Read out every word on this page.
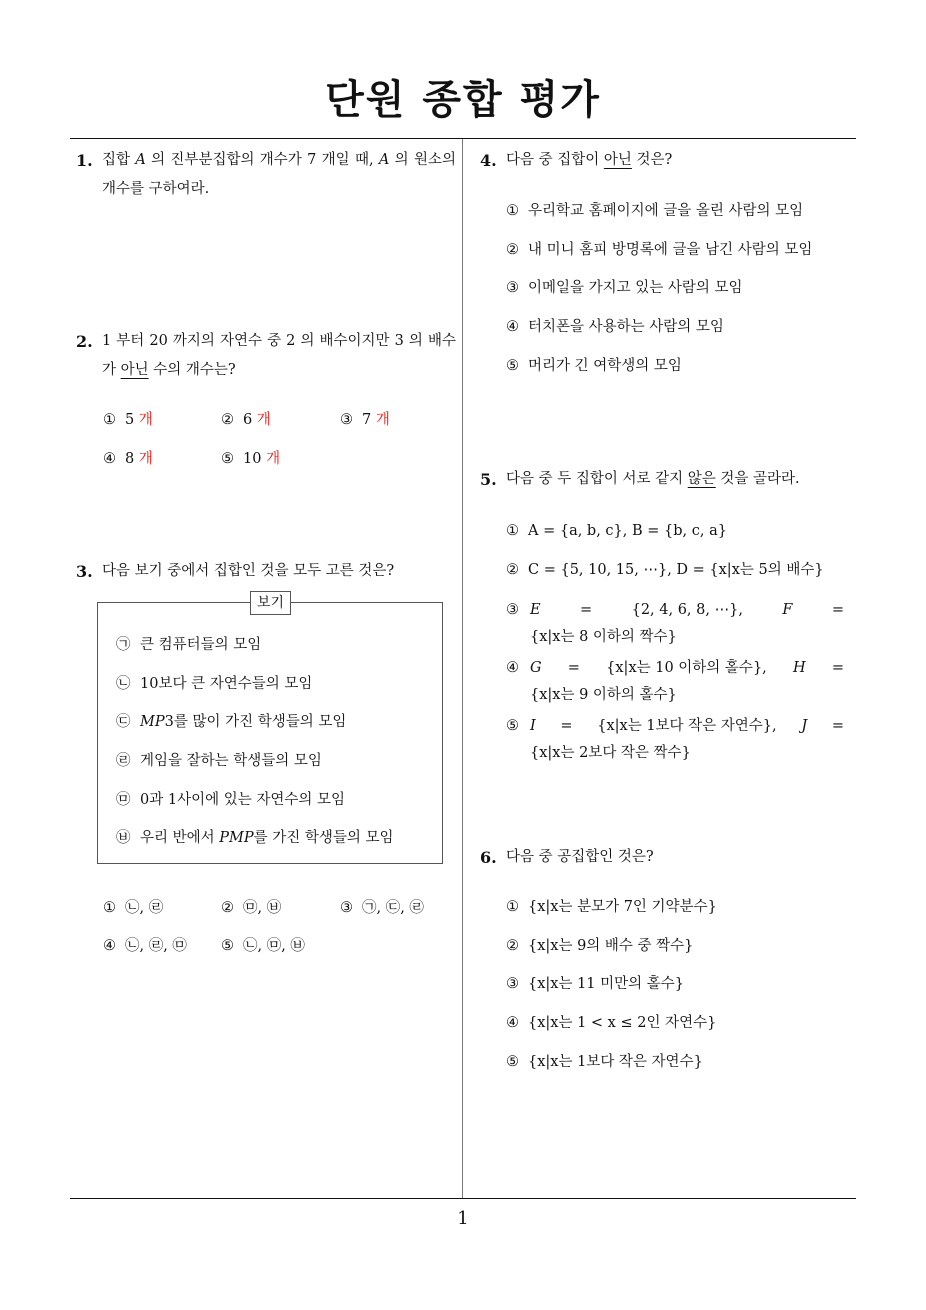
단원 종합 평가
1
1. 집합 A 의 진부분집합의 개수가 7 개일 때, A 의 원소의 개수를 구하여라.
2. 1 부터 20 까지의 자연수 중 2 의 배수이지만 3 의 배수가 아닌 수의 개수는?
① 5 개	② 6 개	③ 7 개
④ 8 개	⑤ 10 개
3. 다음 보기 중에서 집합인 것을 모두 고른 것은?
보기
㉠ 큰 컴퓨터들의 모임
㉡ 10보다 큰 자연수들의 모임
㉢ MP3를 많이 가진 학생들의 모임
㉣ 게임을 잘하는 학생들의 모임
㉤ 0과 1사이에 있는 자연수의 모임
㉥ 우리 반에서 PMP를 가진 학생들의 모임
① ㉡, ㉣	② ㉤, ㉥	③ ㉠, ㉢, ㉣
④ ㉡, ㉣, ㉤ ⑤ ㉡, ㉤, ㉥
4. 다음 중 집합이 아닌 것은?
① 우리학교 홈페이지에 글을 올린 사람의 모임
② 내 미니 홈피 방명록에 글을 남긴 사람의 모임
③ 이메일을 가지고 있는 사람의 모임
④ 터치폰을 사용하는 사람의 모임
⑤ 머리가 긴 여학생의 모임
5. 다음 중 두 집합이 서로 같지 않은 것을 골라라.
① A = {a, b, c}, B = {b, c, a}
② C = {5, 10, 15, ⋯}, D = {x|x는 5의 배수}
③ E	=	{2, 4, 6, 8, ⋯},	F	=
{x|x는 8 이하의 짝수}
④ G = {x|x는 10 이하의 홀수}, H =
{x|x는 9 이하의 홀수}
⑤ I = {x|x는 1보다 작은 자연수}, J =
{x|x는 2보다 작은 짝수}
6. 다음 중 공집합인 것은?
① {x|x는 분모가 7인 기약분수}
② {x|x는 9의 배수 중 짝수}
③ {x|x는 11 미만의 홀수}
④ {x|x는 1 < x ≤ 2인 자연수}
⑤ {x|x는 1보다 작은 자연수}
